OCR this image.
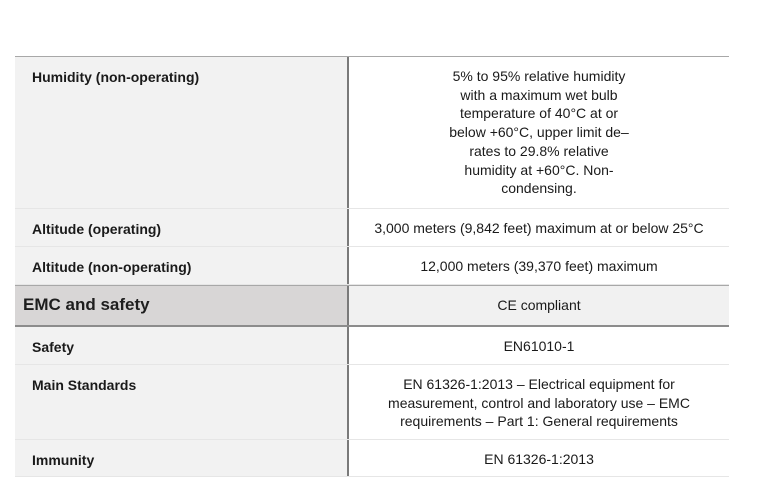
Humidity (non-operating)	5% to 95% relative humidity with a maximum wet bulb temperature of 40°C at or below +60°C, upper limit de–rates to 29.8% relative humidity at +60°C. Non-condensing.
Altitude (operating)	3,000 meters (9,842 feet) maximum at or below 25°C
Altitude (non-operating)	12,000 meters (39,370 feet) maximum
EMC and safety	CE compliant
Safety	EN61010-1
Main Standards	EN 61326-1:2013 – Electrical equipment for measurement, control and laboratory use – EMC requirements – Part 1: General requirements
Immunity	EN 61326-1:2013
